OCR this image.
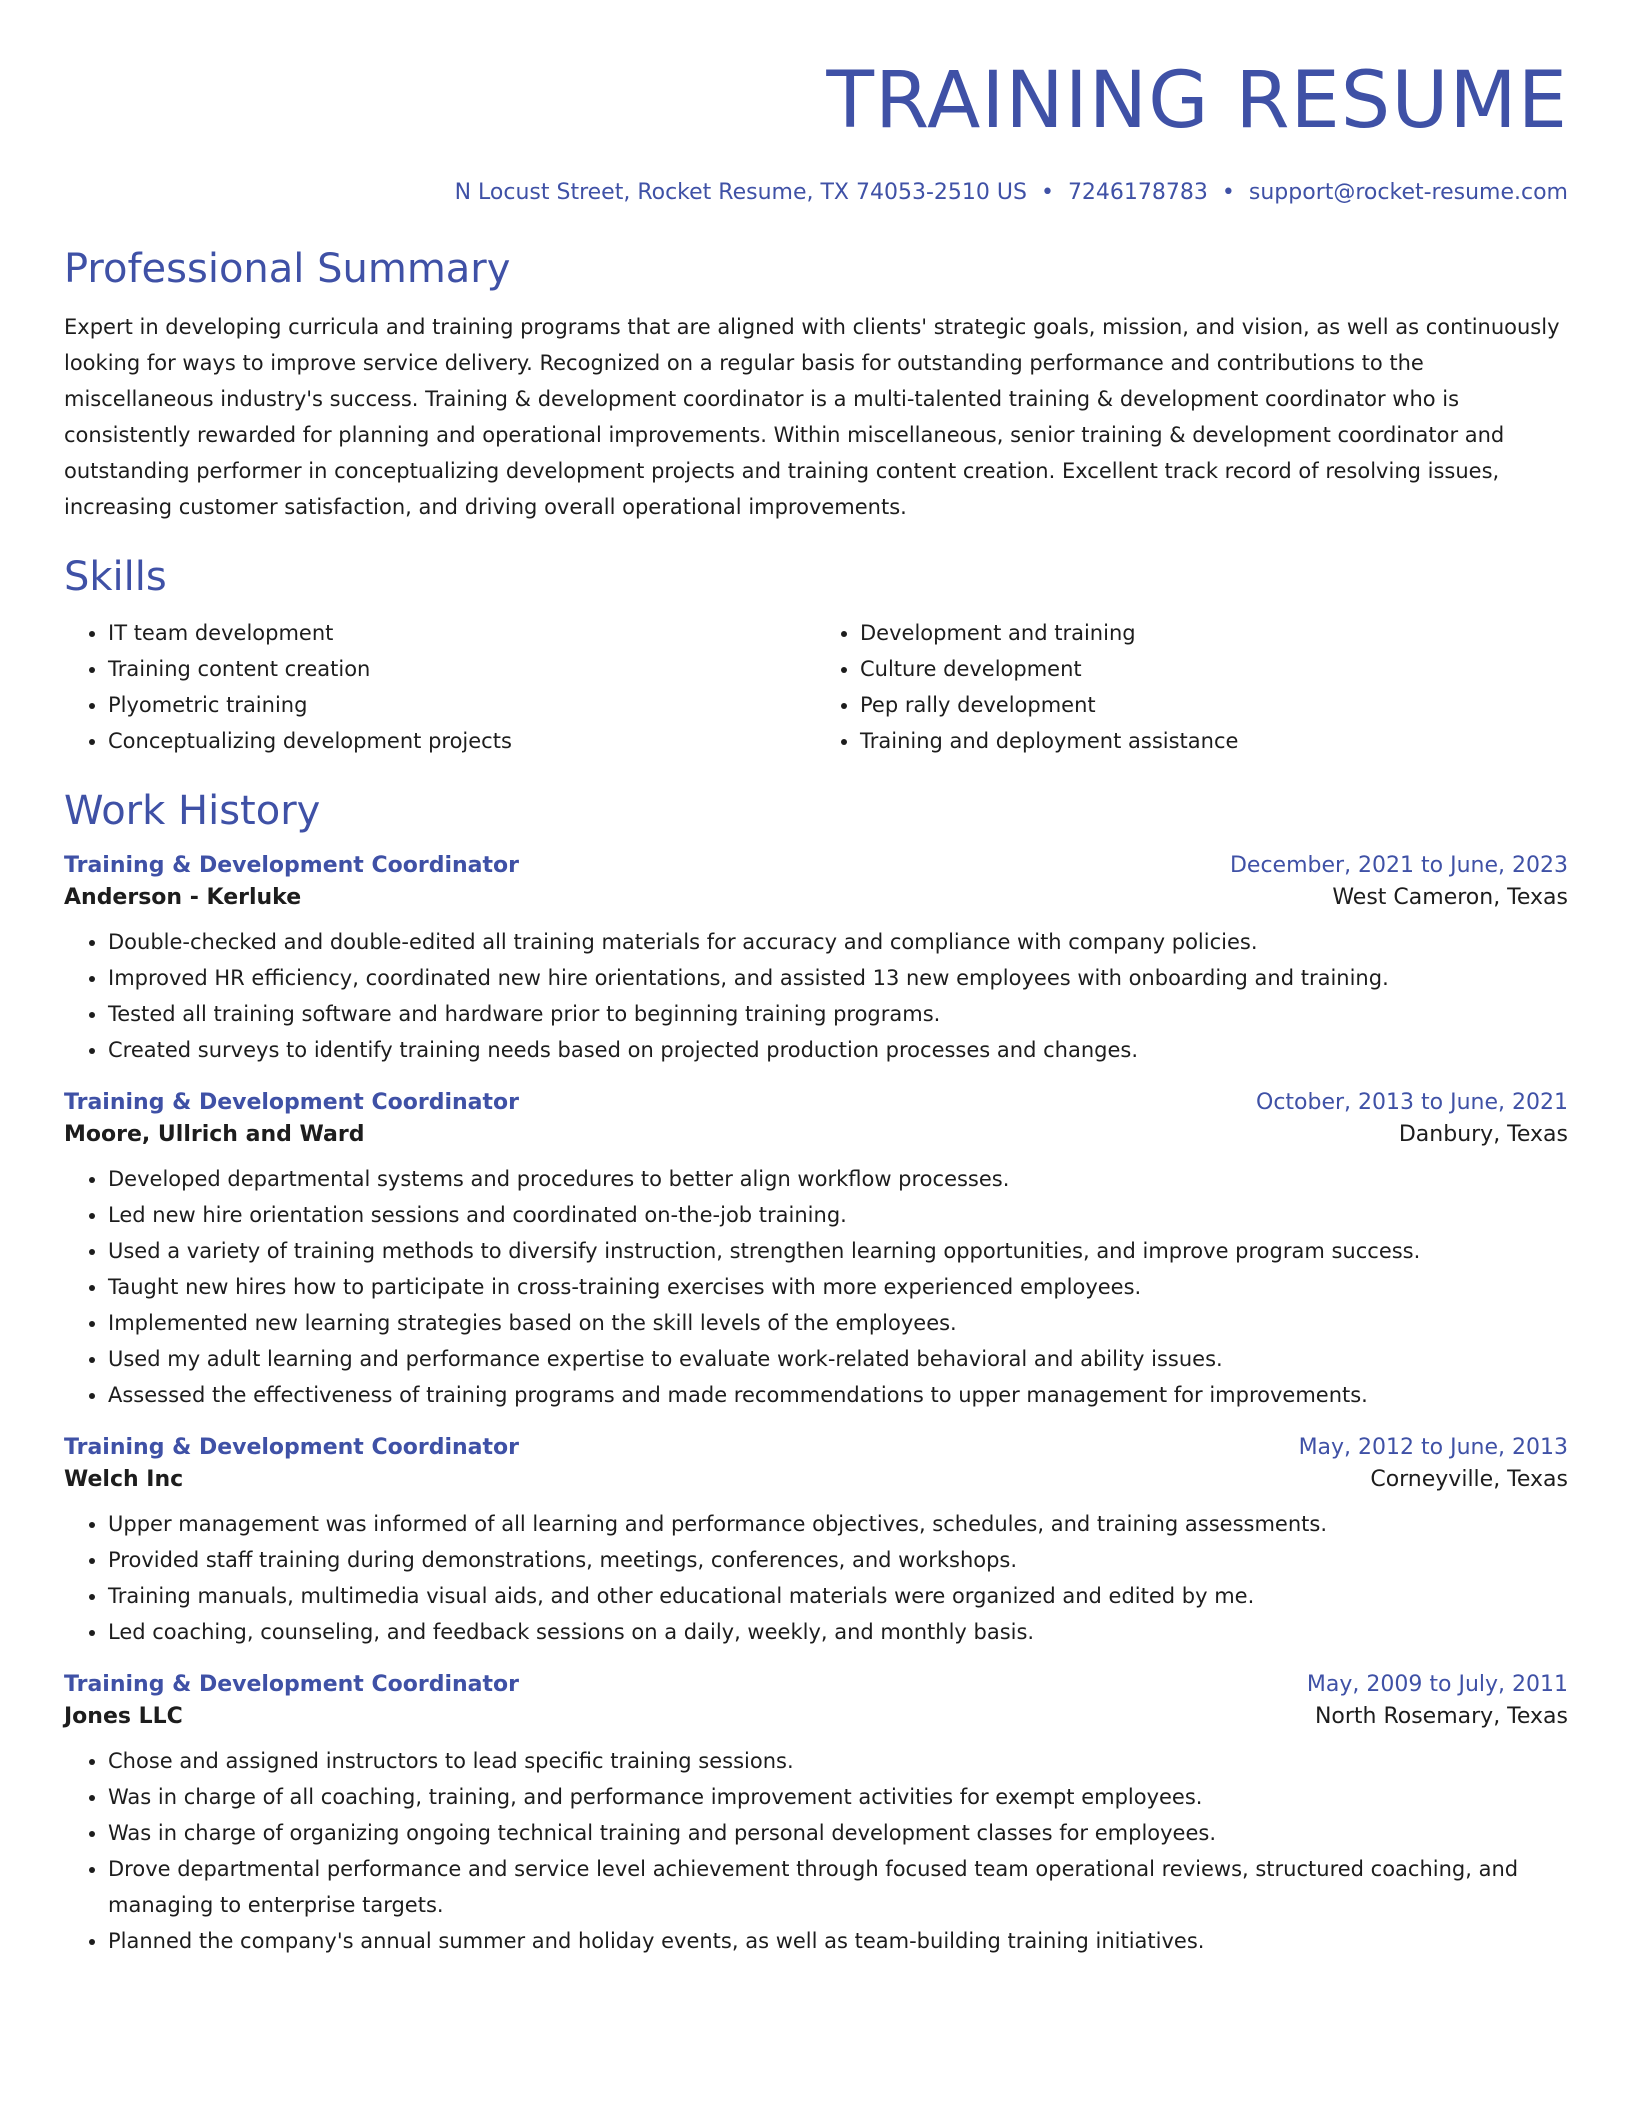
TRAINING RESUME
N Locust Street, Rocket Resume, TX 74053-2510 US • 7246178783 • support@rocket-resume.com
Professional Summary

Expert in developing curricula and training programs that are aligned with clients' strategic goals, mission, and vision, as well as continuously looking for ways to improve service delivery. Recognized on a regular basis for outstanding performance and contributions to the miscellaneous industry's success. Training & development coordinator is a multi-talented training & development coordinator who is consistently rewarded for planning and operational improvements. Within miscellaneous, senior training & development coordinator and outstanding performer in conceptualizing development projects and training content creation. Excellent track record of resolving issues, increasing customer satisfaction, and driving overall operational improvements.

Skills
• IT team development
• Training content creation
• Plyometric training
• Conceptualizing development projects
• Development and training
• Culture development
• Pep rally development
• Training and deployment assistance
Work History
Training & Development Coordinator	December, 2021 to June, 2023
Anderson - Kerluke	West Cameron, Texas
• Double-checked and double-edited all training materials for accuracy and compliance with company policies.
• Improved HR efficiency, coordinated new hire orientations, and assisted 13 new employees with onboarding and training.
• Tested all training software and hardware prior to beginning training programs.
• Created surveys to identify training needs based on projected production processes and changes.
Training & Development Coordinator	October, 2013 to June, 2021
Moore, Ullrich and Ward	Danbury, Texas
• Developed departmental systems and procedures to better align workflow processes.
• Led new hire orientation sessions and coordinated on-the-job training.
• Used a variety of training methods to diversify instruction, strengthen learning opportunities, and improve program success.
• Taught new hires how to participate in cross-training exercises with more experienced employees.
• Implemented new learning strategies based on the skill levels of the employees.
• Used my adult learning and performance expertise to evaluate work-related behavioral and ability issues.
• Assessed the effectiveness of training programs and made recommendations to upper management for improvements.
Training & Development Coordinator	May, 2012 to June, 2013
Welch Inc	Corneyville, Texas
• Upper management was informed of all learning and performance objectives, schedules, and training assessments.
• Provided staff training during demonstrations, meetings, conferences, and workshops.
• Training manuals, multimedia visual aids, and other educational materials were organized and edited by me.
• Led coaching, counseling, and feedback sessions on a daily, weekly, and monthly basis.
Training & Development Coordinator	May, 2009 to July, 2011
Jones LLC	North Rosemary, Texas
• Chose and assigned instructors to lead specific training sessions.
• Was in charge of all coaching, training, and performance improvement activities for exempt employees.
• Was in charge of organizing ongoing technical training and personal development classes for employees.
• Drove departmental performance and service level achievement through focused team operational reviews, structured coaching, and managing to enterprise targets.
• Planned the company's annual summer and holiday events, as well as team-building training initiatives.
